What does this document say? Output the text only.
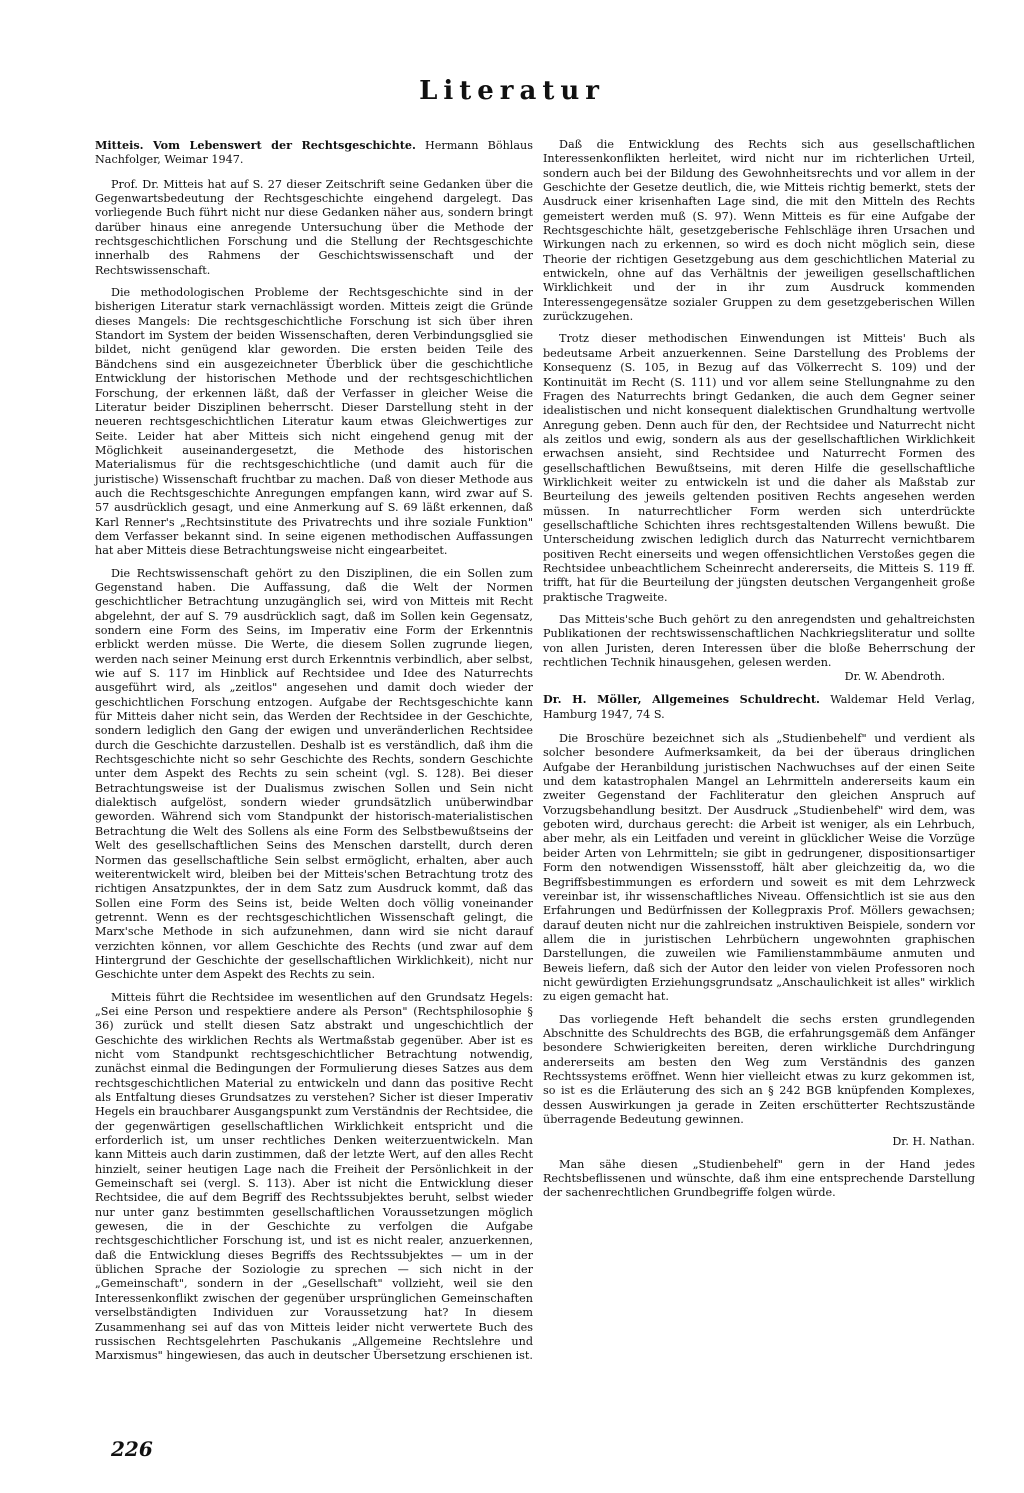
Literatur

Mitteis. Vom Lebenswert der Rechtsgeschichte. Hermann Böhlaus Nachfolger, Weimar 1947.

Prof. Dr. Mitteis hat auf S. 27 dieser Zeitschrift seine Gedanken über die Gegenwartsbedeutung der Rechtsgeschichte eingehend dargelegt. Das vorliegende Buch führt nicht nur diese Gedanken näher aus, sondern bringt darüber hinaus eine anregende Untersuchung über die Methode der rechtsgeschichtlichen Forschung und die Stellung der Rechtsgeschichte innerhalb des Rahmens der Geschichtswissenschaft und der Rechtswissenschaft.

Die methodologischen Probleme der Rechtsgeschichte sind in der bisherigen Literatur stark vernachlässigt worden. Mitteis zeigt die Gründe dieses Mangels: Die rechtsgeschichtliche Forschung ist sich über ihren Standort im System der beiden Wissenschaften, deren Verbindungsglied sie bildet, nicht genügend klar geworden. Die ersten beiden Teile des Bändchens sind ein ausgezeichneter Überblick über die geschichtliche Entwicklung der historischen Methode und der rechtsgeschichtlichen Forschung, der erkennen läßt, daß der Verfasser in gleicher Weise die Literatur beider Disziplinen beherrscht. Dieser Darstellung steht in der neueren rechtsgeschichtlichen Literatur kaum etwas Gleichwertiges zur Seite. Leider hat aber Mitteis sich nicht eingehend genug mit der Möglichkeit auseinandergesetzt, die Methode des historischen Materialismus für die rechtsgeschichtliche (und damit auch für die juristische) Wissenschaft fruchtbar zu machen. Daß von dieser Methode aus auch die Rechtsgeschichte Anregungen empfangen kann, wird zwar auf S. 57 ausdrücklich gesagt, und eine Anmerkung auf S. 69 läßt erkennen, daß Karl Renner's „Rechtsinstitute des Privatrechts und ihre soziale Funktion" dem Verfasser bekannt sind. In seine eigenen methodischen Auffassungen hat aber Mitteis diese Betrachtungsweise nicht eingearbeitet.

Die Rechtswissenschaft gehört zu den Disziplinen, die ein Sollen zum Gegenstand haben. Die Auffassung, daß die Welt der Normen geschichtlicher Betrachtung unzugänglich sei, wird von Mitteis mit Recht abgelehnt, der auf S. 79 ausdrücklich sagt, daß im Sollen kein Gegensatz, sondern eine Form des Seins, im Imperativ eine Form der Erkenntnis erblickt werden müsse. Die Werte, die diesem Sollen zugrunde liegen, werden nach seiner Meinung erst durch Erkenntnis verbindlich, aber selbst, wie auf S. 117 im Hinblick auf Rechtsidee und Idee des Naturrechts ausgeführt wird, als „zeitlos" angesehen und damit doch wieder der geschichtlichen Forschung entzogen. Aufgabe der Rechtsgeschichte kann für Mitteis daher nicht sein, das Werden der Rechtsidee in der Geschichte, sondern lediglich den Gang der ewigen und unveränderlichen Rechtsidee durch die Geschichte darzustellen. Deshalb ist es verständlich, daß ihm die Rechtsgeschichte nicht so sehr Geschichte des Rechts, sondern Geschichte unter dem Aspekt des Rechts zu sein scheint (vgl. S. 128). Bei dieser Betrachtungsweise ist der Dualismus zwischen Sollen und Sein nicht dialektisch aufgelöst, sondern wieder grundsätzlich unüberwindbar geworden. Während sich vom Standpunkt der historisch-materialistischen Betrachtung die Welt des Sollens als eine Form des Selbstbewußtseins der Welt des gesellschaftlichen Seins des Menschen darstellt, durch deren Normen das gesellschaftliche Sein selbst ermöglicht, erhalten, aber auch weiterentwickelt wird, bleiben bei der Mitteis'schen Betrachtung trotz des richtigen Ansatzpunktes, der in dem Satz zum Ausdruck kommt, daß das Sollen eine Form des Seins ist, beide Welten doch völlig voneinander getrennt. Wenn es der rechtsgeschichtlichen Wissenschaft gelingt, die Marx'sche Methode in sich aufzunehmen, dann wird sie nicht darauf verzichten können, vor allem Geschichte des Rechts (und zwar auf dem Hintergrund der Geschichte der gesellschaftlichen Wirklichkeit), nicht nur Geschichte unter dem Aspekt des Rechts zu sein.

Mitteis führt die Rechtsidee im wesentlichen auf den Grundsatz Hegels: „Sei eine Person und respektiere andere als Person" (Rechtsphilosophie § 36) zurück und stellt diesen Satz abstrakt und ungeschichtlich der Geschichte des wirklichen Rechts als Wertmaßstab gegenüber. Aber ist es nicht vom Standpunkt rechtsgeschichtlicher Betrachtung notwendig, zunächst einmal die Bedingungen der Formulierung dieses Satzes aus dem rechtsgeschichtlichen Material zu entwickeln und dann das positive Recht als Entfaltung dieses Grundsatzes zu verstehen? Sicher ist dieser Imperativ Hegels ein brauchbarer Ausgangspunkt zum Verständnis der Rechtsidee, die der gegenwärtigen gesellschaftlichen Wirklichkeit entspricht und die erforderlich ist, um unser rechtliches Denken weiterzuentwickeln. Man kann Mitteis auch darin zustimmen, daß der letzte Wert, auf den alles Recht hinzielt, seiner heutigen Lage nach die Freiheit der Persönlichkeit in der Gemeinschaft sei (vergl. S. 113). Aber ist nicht die Entwicklung dieser Rechtsidee, die auf dem Begriff des Rechtssubjektes beruht, selbst wieder nur unter ganz bestimmten gesellschaftlichen Voraussetzungen möglich gewesen, die in der Geschichte zu verfolgen die Aufgabe rechtsgeschichtlicher Forschung ist, und ist es nicht realer, anzuerkennen, daß die Entwicklung dieses Begriffs des Rechtssubjektes — um in der üblichen Sprache der Soziologie zu sprechen — sich nicht in der „Gemeinschaft", sondern in der „Gesellschaft" vollzieht, weil sie den Interessenkonflikt zwischen der gegenüber ursprünglichen Gemeinschaften verselbständigten Individuen zur Voraussetzung hat? In diesem Zusammenhang sei auf das von Mitteis leider nicht verwertete Buch des russischen Rechtsgelehrten Paschukanis „Allgemeine Rechtslehre und Marxismus" hingewiesen, das auch in deutscher Übersetzung erschienen ist.

Daß die Entwicklung des Rechts sich aus gesellschaftlichen Interessenkonflikten herleitet, wird nicht nur im richterlichen Urteil, sondern auch bei der Bildung des Gewohnheitsrechts und vor allem in der Geschichte der Gesetze deutlich, die, wie Mitteis richtig bemerkt, stets der Ausdruck einer krisenhaften Lage sind, die mit den Mitteln des Rechts gemeistert werden muß (S. 97). Wenn Mitteis es für eine Aufgabe der Rechtsgeschichte hält, gesetzgeberische Fehlschläge ihren Ursachen und Wirkungen nach zu erkennen, so wird es doch nicht möglich sein, diese Theorie der richtigen Gesetzgebung aus dem geschichtlichen Material zu entwickeln, ohne auf das Verhältnis der jeweiligen gesellschaftlichen Wirklichkeit und der in ihr zum Ausdruck kommenden Interessengegensätze sozialer Gruppen zu dem gesetzgeberischen Willen zurückzugehen.

Trotz dieser methodischen Einwendungen ist Mitteis' Buch als bedeutsame Arbeit anzuerkennen. Seine Darstellung des Problems der Konsequenz (S. 105, in Bezug auf das Völkerrecht S. 109) und der Kontinuität im Recht (S. 111) und vor allem seine Stellungnahme zu den Fragen des Naturrechts bringt Gedanken, die auch dem Gegner seiner idealistischen und nicht konsequent dialektischen Grundhaltung wertvolle Anregung geben. Denn auch für den, der Rechtsidee und Naturrecht nicht als zeitlos und ewig, sondern als aus der gesellschaftlichen Wirklichkeit erwachsen ansieht, sind Rechtsidee und Naturrecht Formen des gesellschaftlichen Bewußtseins, mit deren Hilfe die gesellschaftliche Wirklichkeit weiter zu entwickeln ist und die daher als Maßstab zur Beurteilung des jeweils geltenden positiven Rechts angesehen werden müssen. In naturrechtlicher Form werden sich unterdrückte gesellschaftliche Schichten ihres rechtsgestaltenden Willens bewußt. Die Unterscheidung zwischen lediglich durch das Naturrecht vernichtbarem positiven Recht einerseits und wegen offensichtlichen Verstoßes gegen die Rechtsidee unbeachtlichem Scheinrecht andererseits, die Mitteis S. 119 ff. trifft, hat für die Beurteilung der jüngsten deutschen Vergangenheit große praktische Tragweite.

Das Mitteis'sche Buch gehört zu den anregendsten und gehaltreichsten Publikationen der rechtswissenschaftlichen Nachkriegsliteratur und sollte von allen Juristen, deren Interessen über die bloße Beherrschung der rechtlichen Technik hinausgehen, gelesen werden.
Dr. W. Abendroth.

Dr. H. Möller, Allgemeines Schuldrecht. Waldemar Held Verlag, Hamburg 1947, 74 S.

Die Broschüre bezeichnet sich als „Studienbehelf" und verdient als solcher besondere Aufmerksamkeit, da bei der überaus dringlichen Aufgabe der Heranbildung juristischen Nachwuchses auf der einen Seite und dem katastrophalen Mangel an Lehrmitteln andererseits kaum ein zweiter Gegenstand der Fachliteratur den gleichen Anspruch auf Vorzugsbehandlung besitzt. Der Ausdruck „Studienbehelf" wird dem, was geboten wird, durchaus gerecht: die Arbeit ist weniger, als ein Lehrbuch, aber mehr, als ein Leitfaden und vereint in glücklicher Weise die Vorzüge beider Arten von Lehrmitteln; sie gibt in gedrungener, dispositionsartiger Form den notwendigen Wissensstoff, hält aber gleichzeitig da, wo die Begriffsbestimmungen es erfordern und soweit es mit dem Lehrzweck vereinbar ist, ihr wissenschaftliches Niveau. Offensichtlich ist sie aus den Erfahrungen und Bedürfnissen der Kollegpraxis Prof. Möllers gewachsen; darauf deuten nicht nur die zahlreichen instruktiven Beispiele, sondern vor allem die in juristischen Lehrbüchern ungewohnten graphischen Darstellungen, die zuweilen wie Familienstammbäume anmuten und Beweis liefern, daß sich der Autor den leider von vielen Professoren noch nicht gewürdigten Erziehungsgrundsatz „Anschaulichkeit ist alles" wirklich zu eigen gemacht hat.

Das vorliegende Heft behandelt die sechs ersten grundlegenden Abschnitte des Schuldrechts des BGB, die erfahrungsgemäß dem Anfänger besondere Schwierigkeiten bereiten, deren wirkliche Durchdringung andererseits am besten den Weg zum Verständnis des ganzen Rechtssystems eröffnet. Wenn hier vielleicht etwas zu kurz gekommen ist, so ist es die Erläuterung des sich an § 242 BGB knüpfenden Komplexes, dessen Auswirkungen ja gerade in Zeiten erschütterter Rechtszustände überragende Bedeutung gewinnen.

Dr. H. Nathan.

Man sähe diesen „Studienbehelf" gern in der Hand jedes Rechtsbeflissenen und wünschte, daß ihm eine entsprechende Darstellung der sachenrechtlichen Grundbegriffe folgen würde.

226
